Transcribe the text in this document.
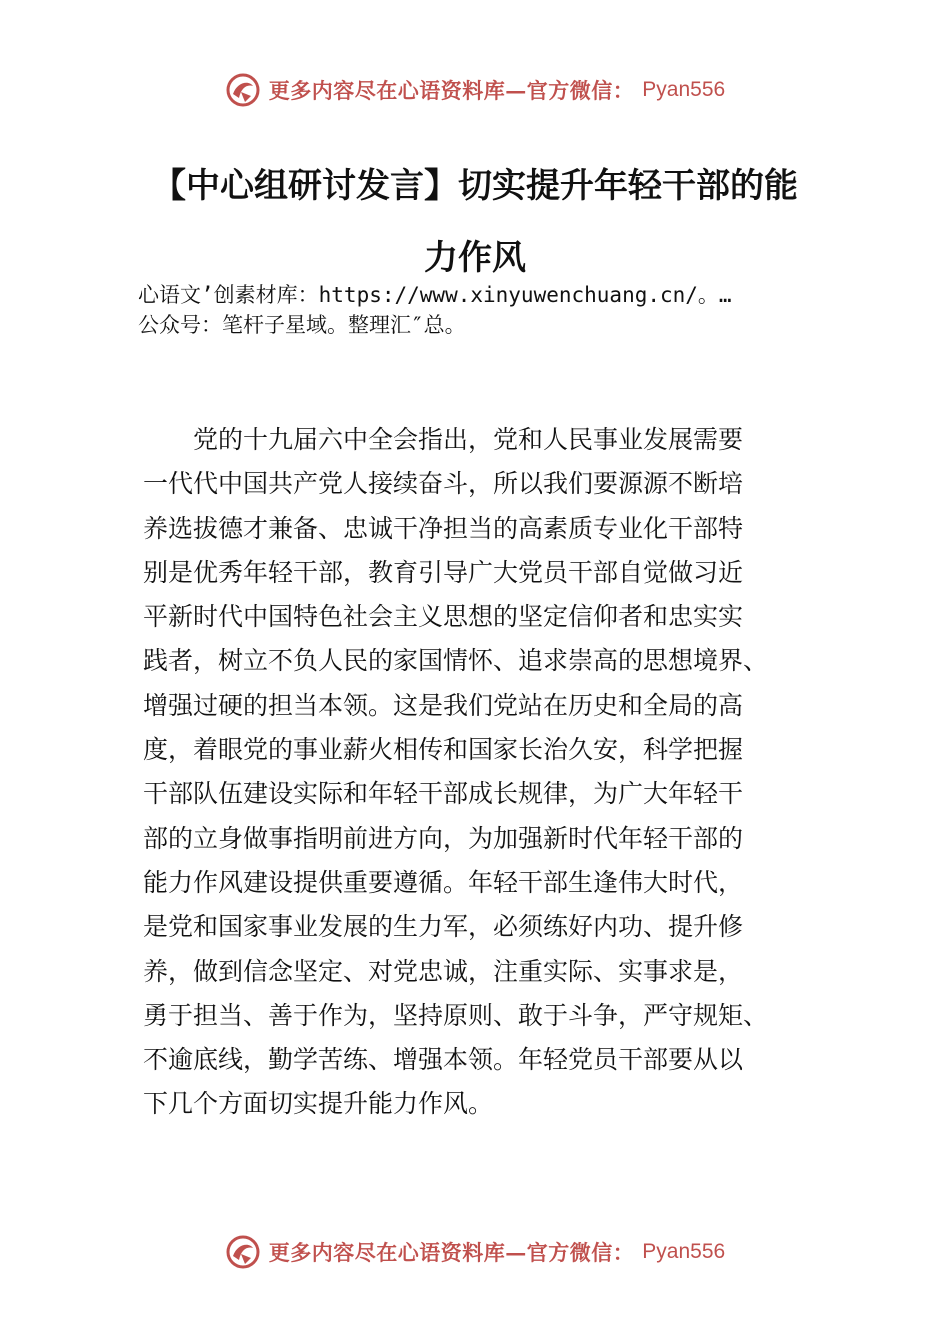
更多内容尽在心语资料库—官方微信： Pyan556
【中心组研讨发言】切实提升年轻干部的能
力作风
心语文’创素材库：https://www.xinyuwenchuang.cn/。…
公众号：笔杆子星域。整理汇″总。
　　党的十九届六中全会指出，党和人民事业发展需要
一代代中国共产党人接续奋斗，所以我们要源源不断培
养选拔德才兼备、忠诚干净担当的高素质专业化干部特
别是优秀年轻干部，教育引导广大党员干部自觉做习近
平新时代中国特色社会主义思想的坚定信仰者和忠实实
践者，树立不负人民的家国情怀、追求崇高的思想境界、
增强过硬的担当本领。这是我们党站在历史和全局的高
度，着眼党的事业薪火相传和国家长治久安，科学把握
干部队伍建设实际和年轻干部成长规律，为广大年轻干
部的立身做事指明前进方向，为加强新时代年轻干部的
能力作风建设提供重要遵循。年轻干部生逢伟大时代，
是党和国家事业发展的生力军，必须练好内功、提升修
养，做到信念坚定、对党忠诚，注重实际、实事求是，
勇于担当、善于作为，坚持原则、敢于斗争，严守规矩、
不逾底线，勤学苦练、增强本领。年轻党员干部要从以
下几个方面切实提升能力作风。
更多内容尽在心语资料库—官方微信： Pyan556
